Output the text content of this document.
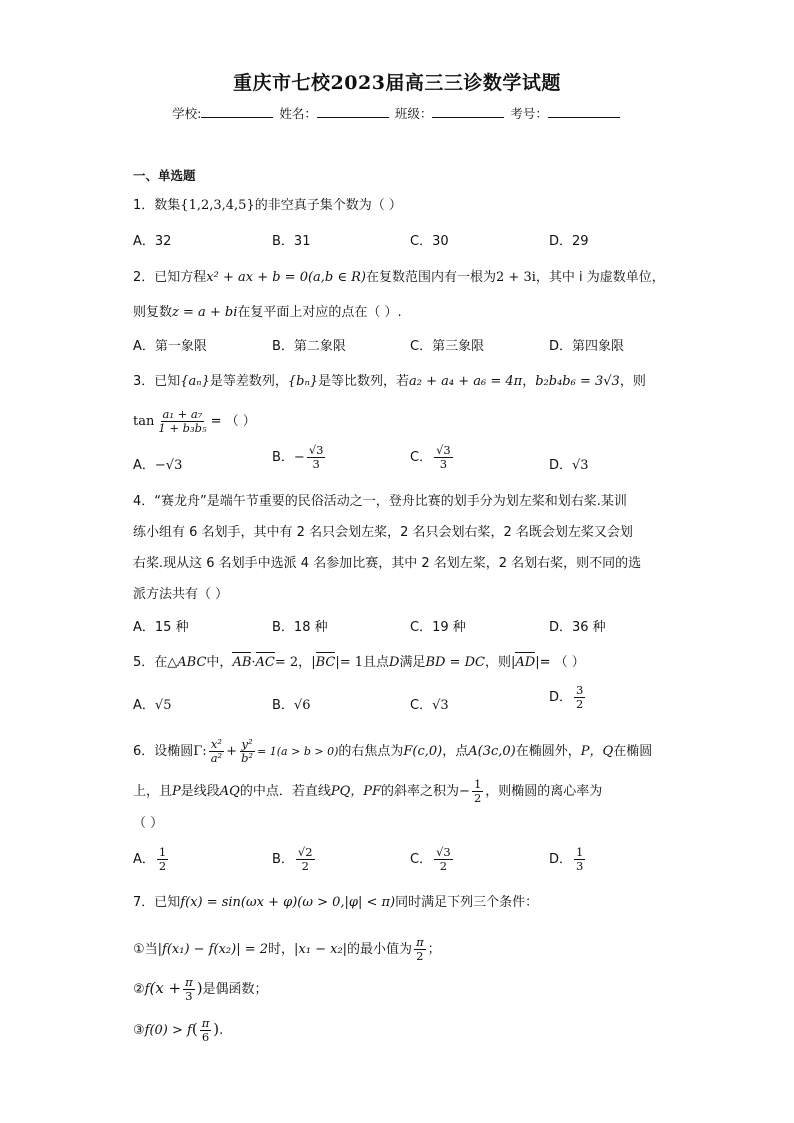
重庆市七校2023届高三三诊数学试题
学校:	姓名：	班级：	考号：
一、单选题
1．数集{1,2,3,4,5}的非空真子集个数为（ ）
A．32	B．31	C．30	D．29
2．已知方程x² + ax + b = 0(a,b ∈ R)在复数范围内有一根为2 + 3i，其中 i 为虚数单位，
则复数z = a + bi在复平面上对应的点在（ ）.
A．第一象限	B．第二象限	C．第三象限	D．第四象限
3．已知{aₙ}是等差数列，{bₙ}是等比数列，若a₂ + a₄ + a₆ = 4π，b₂b₄b₆ = 3√3，则
$\tan \frac{\text{a₁ + a₇}}{\text{1 + b₃b₅}}$ = （ ）
A．−√3
B．− $\frac{√3}{3}$	C． $\frac{√3}{3}$	D．√3
4．“赛龙舟”是端午节重要的民俗活动之一，登舟比赛的划手分为划左桨和划右桨.某训
练小组有 6 名划手，其中有 2 名只会划左桨，2 名只会划右桨，2 名既会划左桨又会划
右桨.现从这 6 名划手中选派 4 名参加比赛，其中 2 名划左桨，2 名划右桨，则不同的选
派方法共有（ ）
A．15 种	B．18 种	C．19 种	D．36 种
5．在△ABC中，AB·AC= 2，|BC|= 1且点D满足BD = DC，则|AD|= （ ）
A．√5	B．√6	C．√3
D． $\frac{3}{2}$
6．设椭圆Γ: $\frac{\text{x²}}{\text{a²}} + \frac{\text{y²}}{\text{b²}} = 1(a > b > 0)$的右焦点为F(c,0)，点A(3c,0)在椭圆外，P，Q在椭圆
上，且P是线段AQ的中点．若直线PQ，PF的斜率之积为− $\frac{1}{2}$ ，则椭圆的离心率为
（ ）
A． $\frac{1}{2}$	B． $\frac{√2}{2}$	C． $\frac{√3}{2}$	D． $\frac{1}{3}$
7．已知f(x) = sin(ωx + φ)(ω > 0,|φ| < π)同时满足下列三个条件：
①当|f(x₁) − f(x₂)| = 2时，|x₁ − x₂|的最小值为 $\frac{\pi}{2}$ ；
②f(x + $\frac{\pi}{3}$ )是偶函数；
③f(0) > $f( \frac{\pi}{6}$ ).
